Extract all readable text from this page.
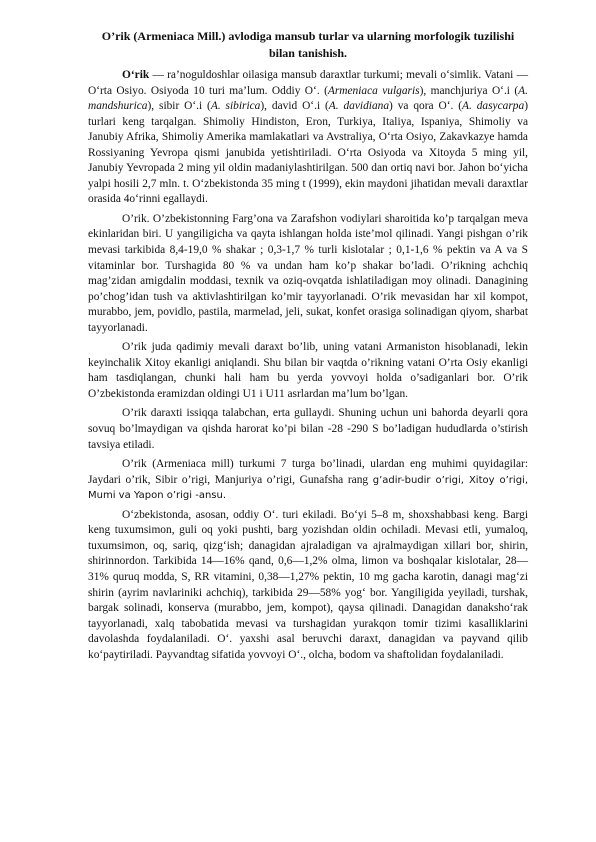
O’rik (Armeniaca Mill.) avlodiga mansub turlar va ularning morfologik tuzilishi bilan tanishish.

O‘rik — ra’noguldoshlar oilasiga mansub daraxtlar turkumi; mevali o‘simlik. Vatani — O‘rta Osiyo. Osiyoda 10 turi ma’lum. Oddiy O‘. (Armeniaca vulgaris), manchjuriya O‘.i (A. mandshurica), sibir O‘.i (A. sibirica), david O‘.i (A. davidiana) va qora O‘. (A. dasycarpa) turlari keng tarqalgan. Shimoliy Hindiston, Eron, Turkiya, Italiya, Ispaniya, Shimoliy va Janubiy Afrika, Shimoliy Amerika mamlakatlari va Avstraliya, O‘rta Osiyo, Zakavkazye hamda Rossiyaning Yevropa qismi janubida yetishtiriladi. O‘rta Osiyoda va Xitoyda 5 ming yil, Janubiy Yevropada 2 ming yil oldin madaniylashtirilgan. 500 dan ortiq navi bor. Jahon bo‘yicha yalpi hosili 2,7 mln. t. O‘zbekistonda 35 ming t (1999), ekin maydoni jihatidan mevali daraxtlar orasida 4o‘rinni egallaydi.

O’rik. O’zbekistonning Farg’ona va Zarafshon vodiylari sharoitida ko’p tarqalgan meva ekinlaridan biri. U yangiligicha va qayta ishlangan holda iste’mol qilinadi. Yangi pishgan o’rik mevasi tarkibida 8,4-19,0 % shakar ; 0,3-1,7 % turli kislotalar ; 0,1-1,6 % pektin va A va S vitaminlar bor. Turshagida 80 % va undan ham ko’p shakar bo’ladi. O’rikning achchiq mag’zidan amigdalin moddasi, texnik va oziq-ovqatda ishlatiladigan moy olinadi. Danagining po’chog’idan tush va aktivlashtirilgan ko’mir tayyorlanadi. O’rik mevasidan har xil kompot, murabbo, jem, povidlo, pastila, marmelad, jeli, sukat, konfet orasiga solinadigan qiyom, sharbat tayyorlanadi.

O’rik juda qadimiy mevali daraxt bo’lib, uning vatani Armaniston hisoblanadi, lekin keyinchalik Xitoy ekanligi aniqlandi. Shu bilan bir vaqtda o’rikning vatani O’rta Osiy ekanligi ham tasdiqlangan, chunki hali ham bu yerda yovvoyi holda o’sadiganlari bor. O’rik O’zbekistonda eramizdan oldingi U1 i U11 asrlardan ma’lum bo’lgan.

O’rik daraxti issiqqa talabchan, erta gullaydi. Shuning uchun uni bahorda deyarli qora sovuq bo’lmaydigan va qishda harorat ko’pi bilan -28 -290 S bo’ladigan hududlarda o’stirish tavsiya etiladi.

O’rik (Armeniaca mill) turkumi 7 turga bo’linadi, ulardan eng muhimi quyidagilar: Jaydari o’rik, Sibir o’rigi, Manjuriya o’rigi, Gunafsha rang g’adir-budir o’rigi, Xitoy o’rigi, Mumi va Yapon o’rigi -ansu.

O‘zbekistonda, asosan, oddiy O‘. turi ekiladi. Bo‘yi 5–8 m, shoxshabbasi keng. Bargi keng tuxumsimon, guli oq yoki pushti, barg yozishdan oldin ochiladi. Mevasi etli, yumaloq, tuxumsimon, oq, sariq, qizg‘ish; danagidan ajraladigan va ajralmaydigan xillari bor, shirin, shirinnordon. Tarkibida 14—16% qand, 0,6—1,2% olma, limon va boshqalar kislotalar, 28—31% quruq modda, S, RR vitamini, 0,38—1,27% pektin, 10 mg gacha karotin, danagi mag‘zi shirin (ayrim navlariniki achchiq), tarkibida 29—58% yog‘ bor. Yangiligida yeyiladi, turshak, bargak solinadi, konserva (murabbo, jem, kompot), qaysa qilinadi. Danagidan danaksho‘rak tayyorlanadi, xalq tabobatida mevasi va turshagidan yurakqon tomir tizimi kasalliklarini davolashda foydalaniladi. O‘. yaxshi asal beruvchi daraxt, danagidan va payvand qilib ko‘paytiriladi. Payvandtag sifatida yovvoyi O‘., olcha, bodom va shaftolidan foydalaniladi.
